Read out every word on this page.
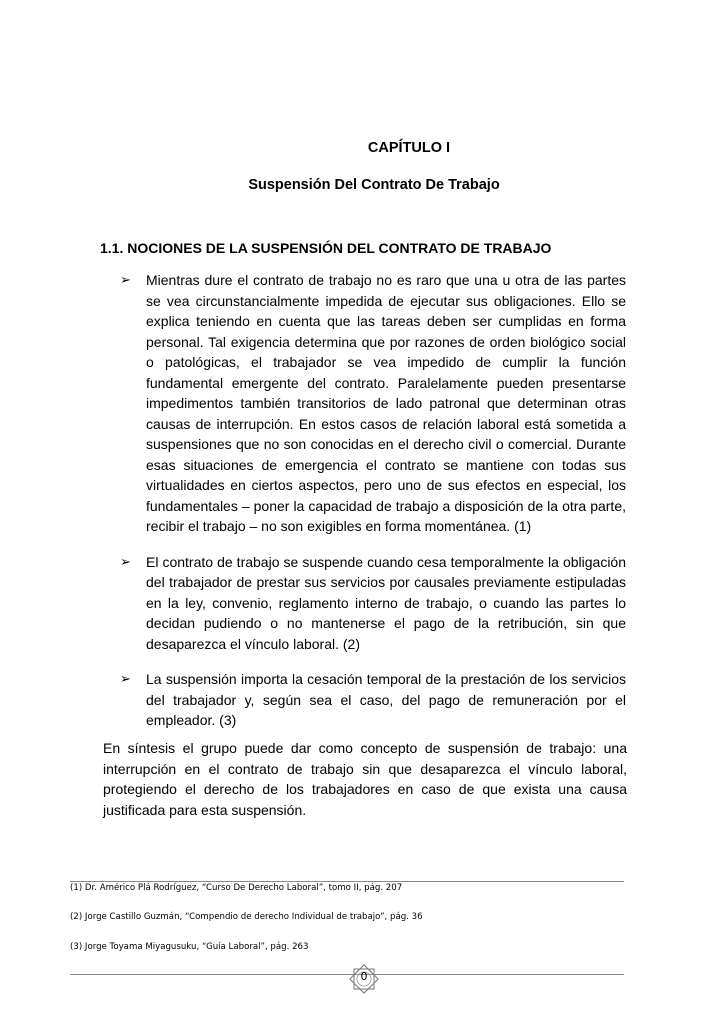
CAPÍTULO I
Suspensión Del Contrato De Trabajo
1.1. NOCIONES DE LA SUSPENSIÓN DEL CONTRATO DE TRABAJO
➢ Mientras dure el contrato de trabajo no es raro que una u otra de las partes se vea circunstancialmente impedida de ejecutar sus obligaciones. Ello se explica teniendo en cuenta que las tareas deben ser cumplidas en forma personal. Tal exigencia determina que por razones de orden biológico social o patológicas, el trabajador se vea impedido de cumplir la función fundamental emergente del contrato. Paralelamente pueden presentarse impedimentos también transitorios de lado patronal que determinan otras causas de interrupción. En estos casos de relación laboral está sometida a suspensiones que no son conocidas en el derecho civil o comercial. Durante esas situaciones de emergencia el contrato se mantiene con todas sus virtualidades en ciertos aspectos, pero uno de sus efectos en especial, los fundamentales – poner la capacidad de trabajo a disposición de la otra parte, recibir el trabajo – no son exigibles en forma momentánea. (1)
➢ El contrato de trabajo se suspende cuando cesa temporalmente la obligación del trabajador de prestar sus servicios por causales previamente estipuladas en la ley, convenio, reglamento interno de trabajo, o cuando las partes lo decidan pudiendo o no mantenerse el pago de la retribución, sin que desaparezca el vínculo laboral. (2)
➢ La suspensión importa la cesación temporal de la prestación de los servicios del trabajador y, según sea el caso, del pago de remuneración por el empleador. (3)

En síntesis el grupo puede dar como concepto de suspensión de trabajo: una interrupción en el contrato de trabajo sin que desaparezca el vínculo laboral, protegiendo el derecho de los trabajadores en caso de que exista una causa justificada para esta suspensión.

(1) Dr. Américo Plá Rodríguez, “Curso De Derecho Laboral”, tomo II, pág. 207
(2) Jorge Castillo Guzmán, “Compendio de derecho Individual de trabajo”, pág. 36
(3) Jorge Toyama Miyagusuku, “Guía Laboral”, pág. 263
0
